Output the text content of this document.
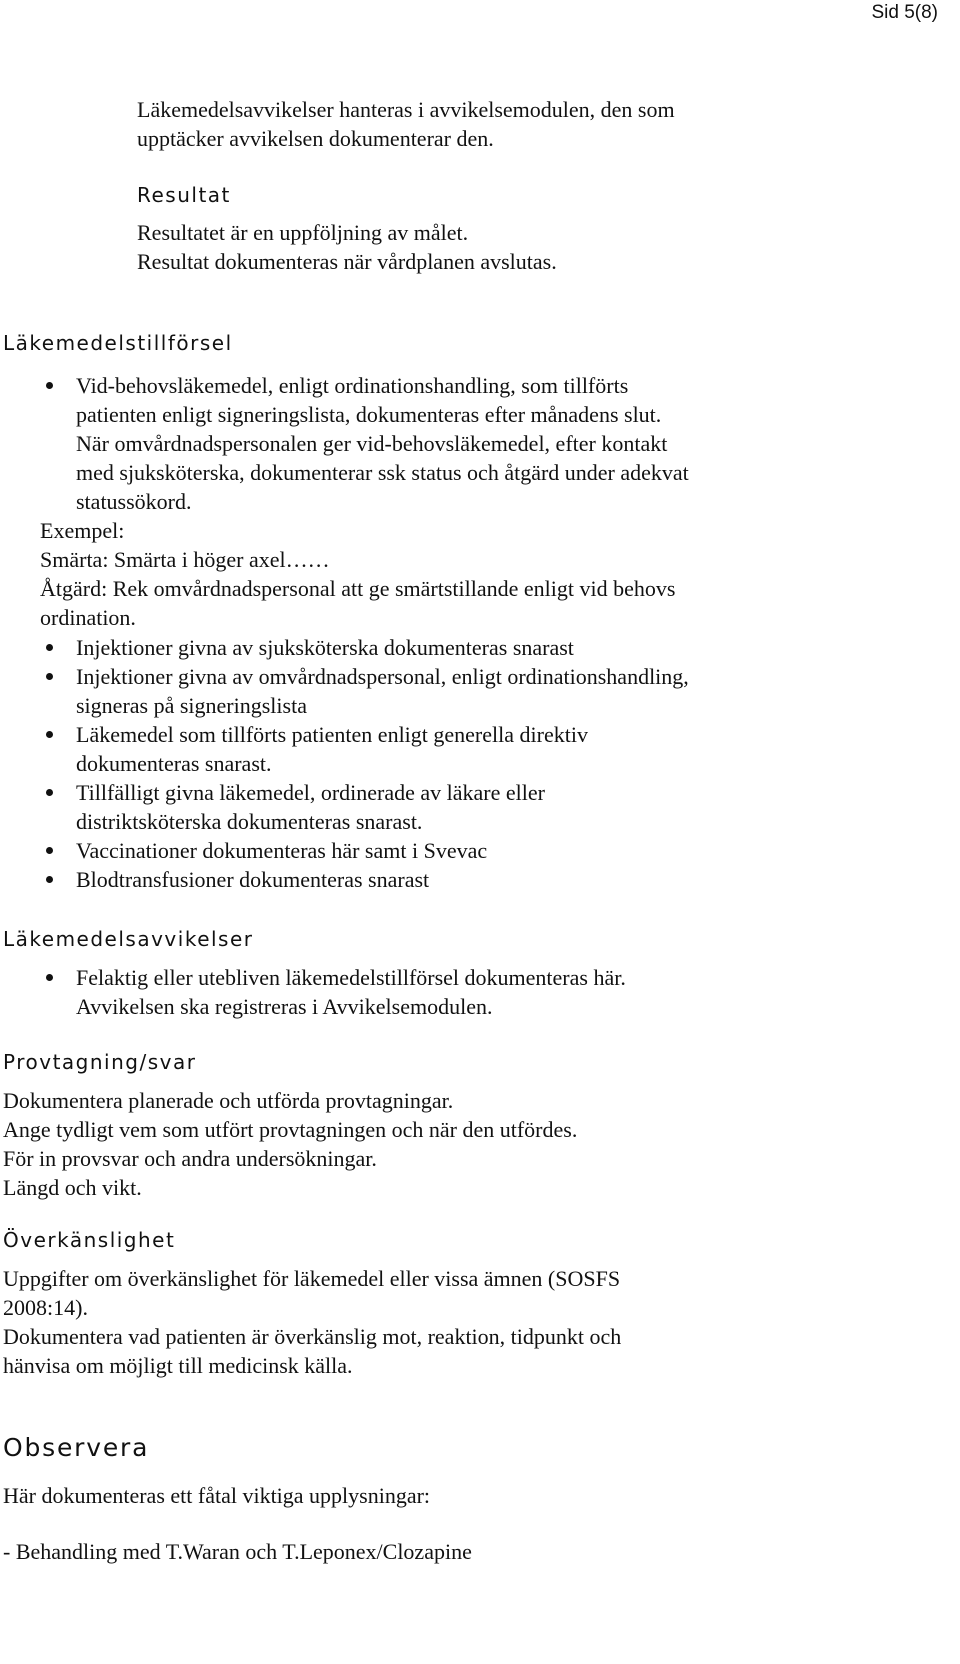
Sid 5(8)
Läkemedelsavvikelser hanteras i avvikelsemodulen, den som
upptäcker avvikelsen dokumenterar den.
Resultat
Resultatet är en uppföljning av målet.
Resultat dokumenteras när vårdplanen avslutas.
Läkemedelstillförsel
Vid-behovsläkemedel, enligt ordinationshandling, som tillförts
patienten enligt signeringslista, dokumenteras efter månadens slut.
När omvårdnadspersonalen ger vid-behovsläkemedel, efter kontakt
med sjuksköterska, dokumenterar ssk status och åtgärd under adekvat
statussökord.
Exempel:
Smärta: Smärta i höger axel……
Åtgärd: Rek omvårdnadspersonal att ge smärtstillande enligt vid behovs
ordination.
Injektioner givna av sjuksköterska dokumenteras snarast
Injektioner givna av omvårdnadspersonal, enligt ordinationshandling,
signeras på signeringslista
Läkemedel som tillförts patienten enligt generella direktiv
dokumenteras snarast.
Tillfälligt givna läkemedel, ordinerade av läkare eller
distriktsköterska dokumenteras snarast.
Vaccinationer dokumenteras här samt i Svevac
Blodtransfusioner dokumenteras snarast
Läkemedelsavvikelser
Felaktig eller utebliven läkemedelstillförsel dokumenteras här.
Avvikelsen ska registreras i Avvikelsemodulen.
Provtagning/svar
Dokumentera planerade och utförda provtagningar.
Ange tydligt vem som utfört provtagningen och när den utfördes.
För in provsvar och andra undersökningar.
Längd och vikt.
Överkänslighet
Uppgifter om överkänslighet för läkemedel eller vissa ämnen (SOSFS
2008:14).
Dokumentera vad patienten är överkänslig mot, reaktion, tidpunkt och
hänvisa om möjligt till medicinsk källa.
Observera
Här dokumenteras ett fåtal viktiga upplysningar:
- Behandling med T.Waran och T.Leponex/Clozapine
